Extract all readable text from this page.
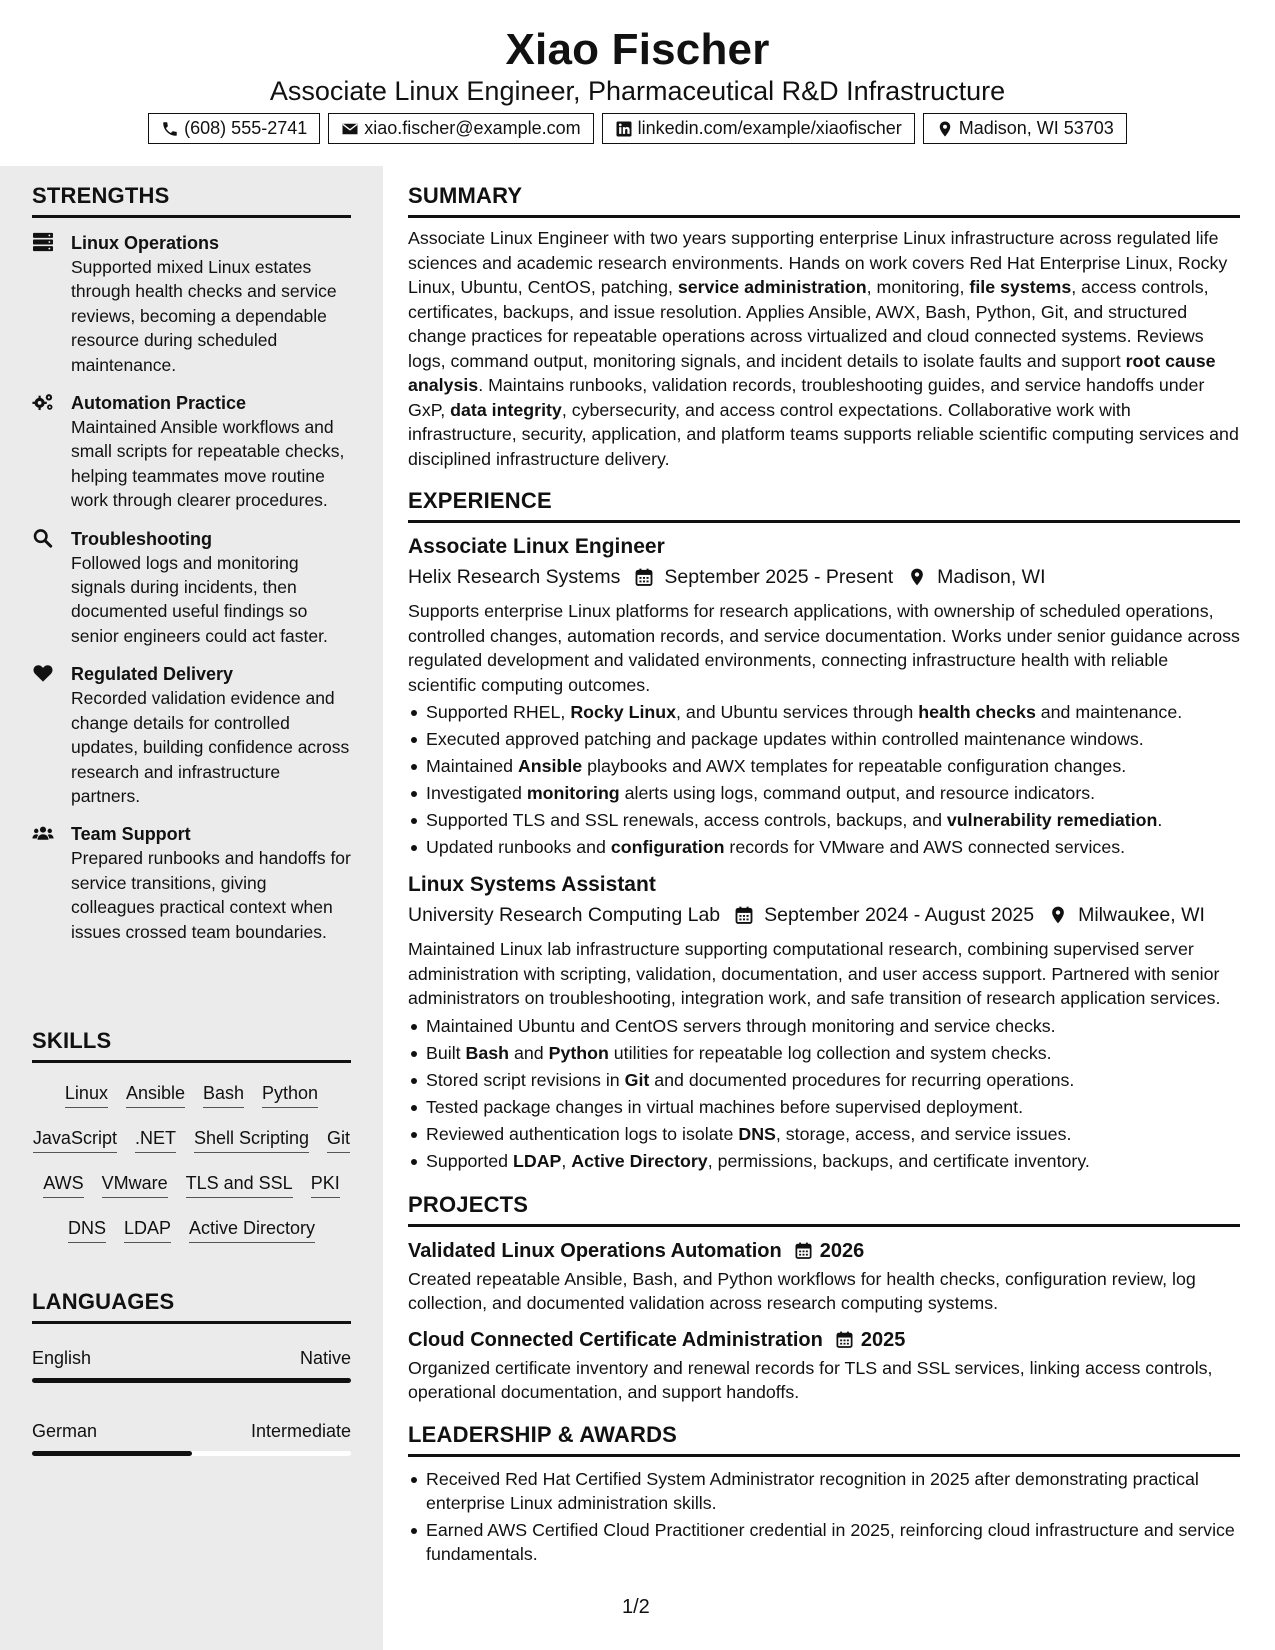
Xiao Fischer
Associate Linux Engineer, Pharmaceutical R&D Infrastructure
(608) 555-2741	xiao.fischer@example.com	linkedin.com/example/xiaofischer	Madison, WI 53703
STRENGTHS
Linux Operations
Supported mixed Linux estates through health checks and service reviews, becoming a dependable resource during scheduled maintenance.
Automation Practice
Maintained Ansible workflows and small scripts for repeatable checks, helping teammates move routine work through clearer procedures.
Troubleshooting
Followed logs and monitoring signals during incidents, then documented useful findings so senior engineers could act faster.
Regulated Delivery
Recorded validation evidence and change details for controlled updates, building confidence across research and infrastructure partners.
Team Support
Prepared runbooks and handoffs for service transitions, giving colleagues practical context when issues crossed team boundaries.
SKILLS
Linux Ansible Bash Python
JavaScript .NET Shell Scripting Git
AWS VMware TLS and SSL PKI
DNS LDAP Active Directory
LANGUAGES
English	Native
German	Intermediate
SUMMARY
Associate Linux Engineer with two years supporting enterprise Linux infrastructure across regulated life sciences and academic research environments. Hands on work covers Red Hat Enterprise Linux, Rocky Linux, Ubuntu, CentOS, patching, service administration, monitoring, file systems, access controls, certificates, backups, and issue resolution. Applies Ansible, AWX, Bash, Python, Git, and structured change practices for repeatable operations across virtualized and cloud connected systems. Reviews logs, command output, monitoring signals, and incident details to isolate faults and support root cause analysis. Maintains runbooks, validation records, troubleshooting guides, and service handoffs under GxP, data integrity, cybersecurity, and access control expectations. Collaborative work with infrastructure, security, application, and platform teams supports reliable scientific computing services and disciplined infrastructure delivery.
EXPERIENCE
Associate Linux Engineer
Helix Research Systems September 2025 - Present Madison, WI
Supports enterprise Linux platforms for research applications, with ownership of scheduled operations, controlled changes, automation records, and service documentation. Works under senior guidance across regulated development and validated environments, connecting infrastructure health with reliable scientific computing outcomes.
Supported RHEL, Rocky Linux, and Ubuntu services through health checks and maintenance.
Executed approved patching and package updates within controlled maintenance windows.
Maintained Ansible playbooks and AWX templates for repeatable configuration changes.
Investigated monitoring alerts using logs, command output, and resource indicators.
Supported TLS and SSL renewals, access controls, backups, and vulnerability remediation.
Updated runbooks and configuration records for VMware and AWS connected services.
Linux Systems Assistant
University Research Computing Lab September 2024 - August 2025 Milwaukee, WI
Maintained Linux lab infrastructure supporting computational research, combining supervised server administration with scripting, validation, documentation, and user access support. Partnered with senior administrators on troubleshooting, integration work, and safe transition of research application services.
Maintained Ubuntu and CentOS servers through monitoring and service checks.
Built Bash and Python utilities for repeatable log collection and system checks.
Stored script revisions in Git and documented procedures for recurring operations.
Tested package changes in virtual machines before supervised deployment.
Reviewed authentication logs to isolate DNS, storage, access, and service issues.
Supported LDAP, Active Directory, permissions, backups, and certificate inventory.
PROJECTS
Validated Linux Operations Automation 2026
Created repeatable Ansible, Bash, and Python workflows for health checks, configuration review, log collection, and documented validation across research computing systems.
Cloud Connected Certificate Administration 2025
Organized certificate inventory and renewal records for TLS and SSL services, linking access controls, operational documentation, and support handoffs.
LEADERSHIP & AWARDS
Received Red Hat Certified System Administrator recognition in 2025 after demonstrating practical enterprise Linux administration skills.
Earned AWS Certified Cloud Practitioner credential in 2025, reinforcing cloud infrastructure and service fundamentals.
1/2
